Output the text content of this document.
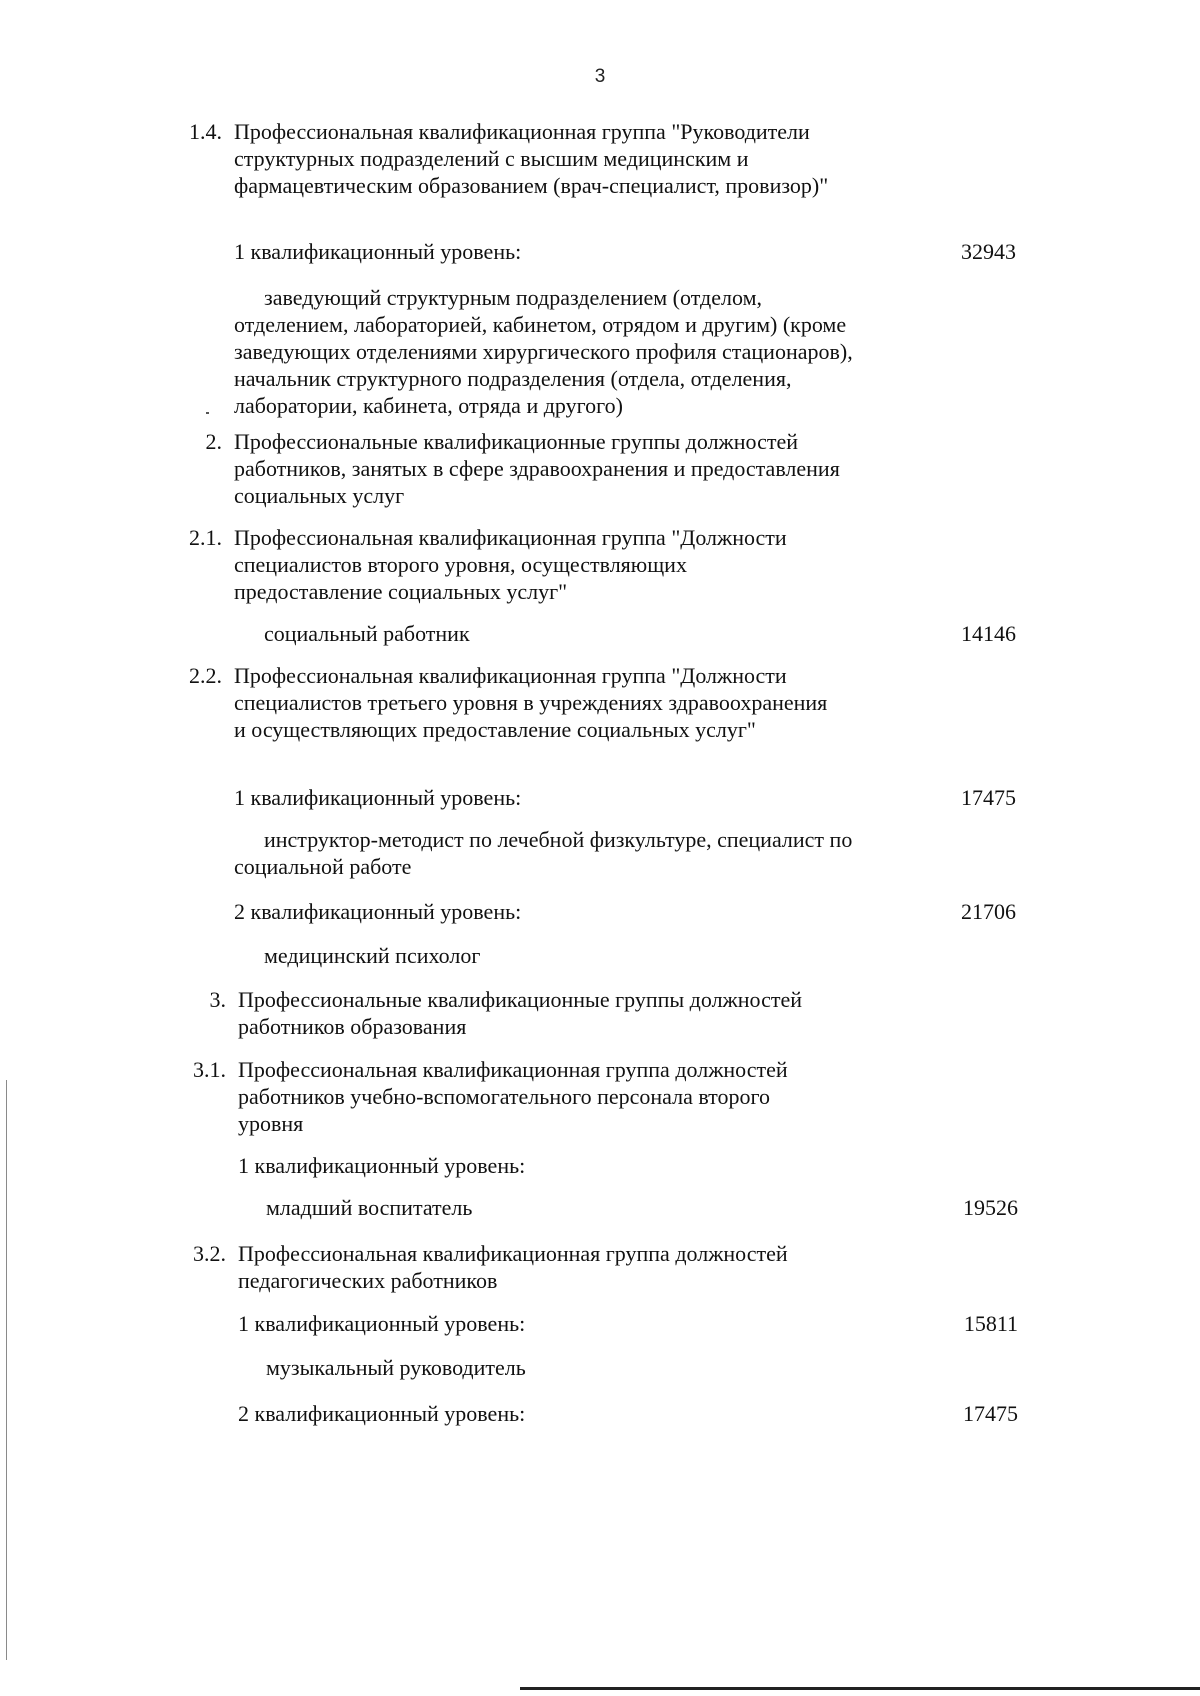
3
1.4. Профессиональная квалификационная группа "Руководители структурных подразделений с высшим медицинским и фармацевтическим образованием (врач-специалист, провизор)"
1 квалификационный уровень:	32943
заведующий структурным подразделением (отделом, отделением, лабораторией, кабинетом, отрядом и другим) (кроме заведующих отделениями хирургического профиля стационаров), начальник структурного подразделения (отдела, отделения, лаборатории, кабинета, отряда и другого)
2. Профессиональные квалификационные группы должностей работников, занятых в сфере здравоохранения и предоставления социальных услуг
2.1. Профессиональная квалификационная группа "Должности специалистов второго уровня, осуществляющих предоставление социальных услуг"
социальный работник	14146
2.2. Профессиональная квалификационная группа "Должности специалистов третьего уровня в учреждениях здравоохранения и осуществляющих предоставление социальных услуг"
1 квалификационный уровень:	17475
инструктор-методист по лечебной физкультуре, специалист по социальной работе
2 квалификационный уровень:	21706
медицинский психолог
3. Профессиональные квалификационные группы должностей работников образования
3.1. Профессиональная квалификационная группа должностей работников учебно-вспомогательного персонала второго уровня
1 квалификационный уровень:
младший воспитатель	19526
3.2. Профессиональная квалификационная группа должностей педагогических работников
1 квалификационный уровень:	15811
музыкальный руководитель
2 квалификационный уровень:	17475
